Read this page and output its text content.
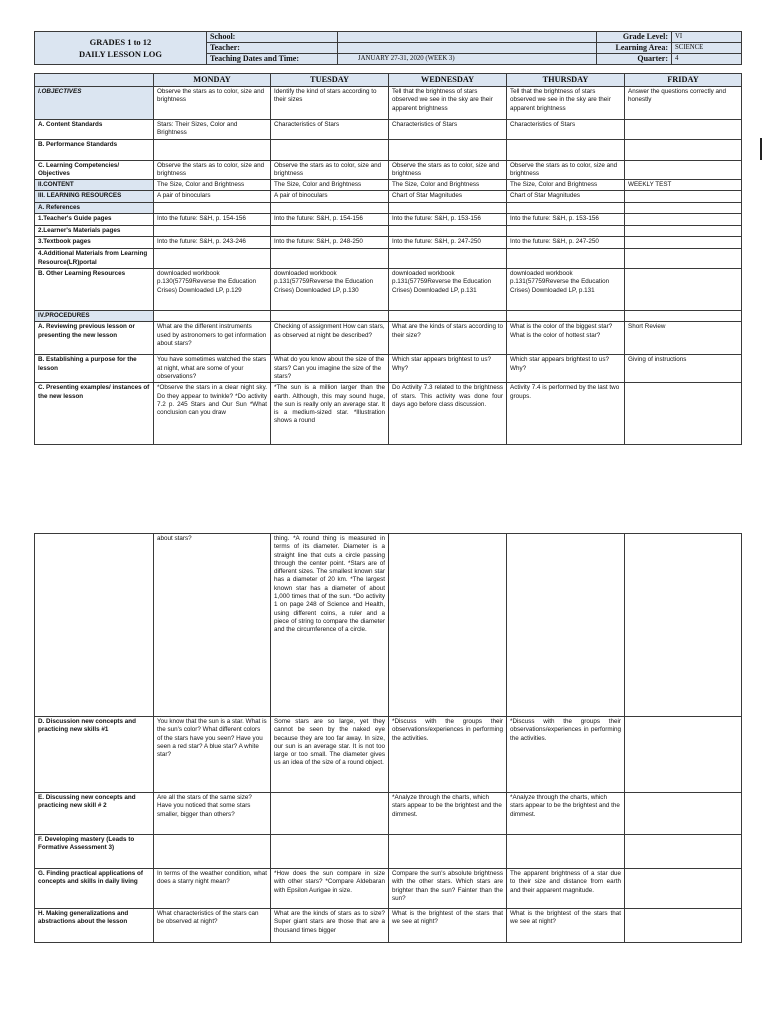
GRADES 1 to 12
DAILY LESSON LOG	School:		Grade Level:	VI
	Teacher:		Learning Area:	SCIENCE
	Teaching Dates and Time:	JANUARY 27-31, 2020 (WEEK 3)	Quarter:	4
	MONDAY	TUESDAY	WEDNESDAY	THURSDAY	FRIDAY
I.OBJECTIVES	Observe the stars as to color, size and brightness	Identify the kind of stars according to their sizes	Tell that the brightness of stars observed we see in the sky are their apparent brightness	Tell that the brightness of stars observed we see in the sky are their apparent brightness	Answer the questions correctly and honestly
A. Content Standards	Stars: Their Sizes, Color and Brightness	Characteristics of Stars	Characteristics of Stars	Characteristics of Stars	
B. Performance Standards					
C. Learning Competencies/ Objectives	Observe the stars as to color, size and brightness	Observe the stars as to color, size and brightness	Observe the stars as to color, size and brightness	Observe the stars as to color, size and brightness	
II.CONTENT	The Size, Color and Brightness	The Size, Color and Brightness	The Size, Color and Brightness	The Size, Color and Brightness	WEEKLY TEST
III. LEARNING RESOURCES	A pair of binoculars	A pair of binoculars	Chart of Star Magnitudes	Chart of Star Magnitudes	
A. References					
1.Teacher's Guide pages	Into the future: S&H, p. 154-156	Into the future: S&H, p. 154-156	Into the future: S&H, p. 153-156	Into the future: S&H, p. 153-156	
2.Learner's Materials pages					
3.Textbook pages	Into the future: S&H, p. 243-246	Into the future: S&H, p. 248-250	Into the future: S&H, p. 247-250	Into the future: S&H, p. 247-250	
4.Additional Materials from Learning Resource(LR)portal					
B. Other Learning Resources	downloaded workbook p.130(57759Reverse the Education Crises) Downloaded LP, p.129	downloaded workbook p.131(57759Reverse the Education Crises) Downloaded LP, p.130	downloaded workbook p.131(57759Reverse the Education Crises) Downloaded LP, p.131	downloaded workbook p.131(57759Reverse the Education Crises) Downloaded LP, p.131	
IV.PROCEDURES					
A. Reviewing previous lesson or presenting the new lesson	What are the different instruments used by astronomers to get information about stars?	Checking of assignment How can stars, as observed at night be described?	What are the kinds of stars according to their size?	What is the color of the biggest star? What is the color of hottest star?	Short Review
B. Establishing a purpose for the lesson	You have sometimes watched the stars at night, what are some of your observations?	What do you know about the size of the stars? Can you imagine the size of the stars?	Which star appears brightest to us? Why?	Which star appears brightest to us? Why?	Giving of instructions
C. Presenting examples/ instances of the new lesson	*Observe the stars in a clear night sky. Do they appear to twinkle? *Do activity 7.2 p. 245 Stars and Our Sun *What conclusion can you draw	*The sun is a million larger than the earth. Although, this may sound huge, the sun is really only an average star. It is a medium-sized star. *Illustration shows a round	Do Activity 7.3 related to the brightness of stars. This activity was done four days ago before class discussion.	Activity 7.4 is performed by the last two groups.	
	about stars?	thing. *A round thing is measured in terms of its diameter. Diameter is a straight line that cuts a circle passing through the center point. *Stars are of different sizes. The smallest known star has a diameter of 20 km. *The largest known star has a diameter of about 1,000 times that of the sun. *Do activity 1 on page 248 of Science and Health, using different coins, a ruler and a piece of string to compare the diameter and the circumference of a circle.			
D. Discussion new concepts and practicing new skills #1	You know that the sun is a star. What is the sun's color? What different colors of the stars have you seen? Have you seen a red star? A blue star? A white star?	Some stars are so large, yet they cannot be seen by the naked eye because they are too far away. In size, our sun is an average star. It is not too large or too small. The diameter gives us an idea of the size of a round object.	*Discuss with the groups their observations/experiences in performing the activities.	*Discuss with the groups their observations/experiences in performing the activities.	
E. Discussing new concepts and practicing new skill # 2	Are all the stars of the same size? Have you noticed that some stars smaller, bigger than others?		*Analyze through the charts, which stars appear to be the brightest and the dimmest.	*Analyze through the charts, which stars appear to be the brightest and the dimmest.	
F. Developing mastery (Leads to Formative Assessment 3)					
G. Finding practical applications of concepts and skills in daily living	In terms of the weather condition, what does a starry night mean?	*How does the sun compare in size with other stars? *Compare Aldebaran with Epsilon Aurigae in size.	Compare the sun's absolute brightness with the other stars. Which stars are brighter than the sun? Fainter than the sun?	The apparent brightness of a star due to their size and distance from earth and their apparent magnitude.	
H. Making generalizations and abstractions about the lesson	What characteristics of the stars can be observed at night?	What are the kinds of stars as to size? Super giant stars are those that are a thousand times bigger	What is the brightest of the stars that we see at night?	What is the brightest of the stars that we see at night?	
